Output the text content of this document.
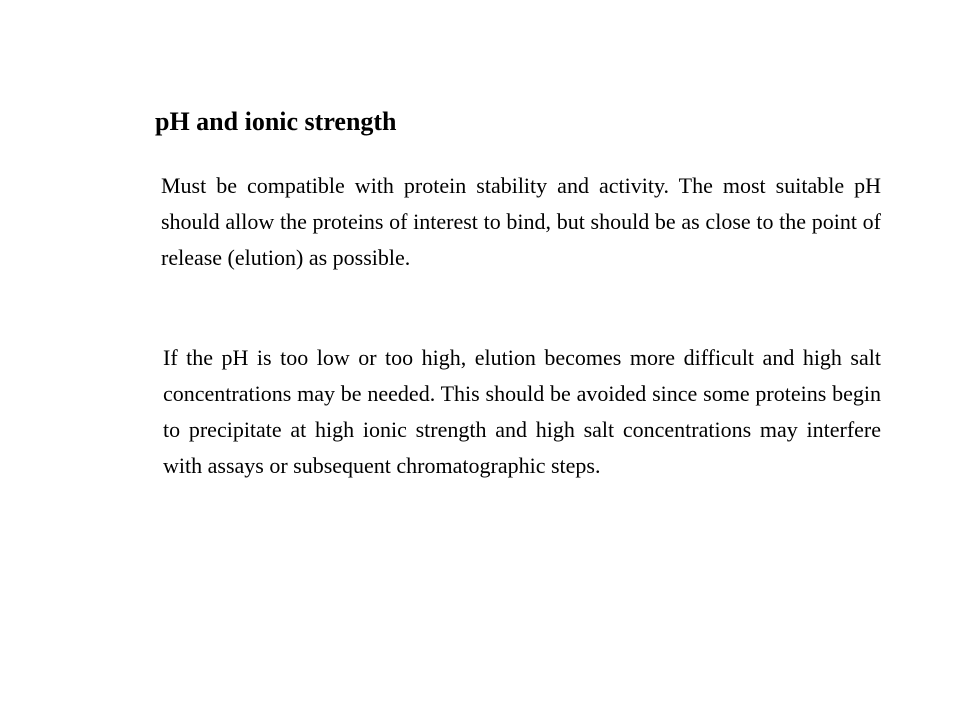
pH and ionic strength

Must be compatible with protein stability and activity. The most suitable pH should allow the proteins of interest to bind, but should be as close to the point of release (elution) as possible.

If the pH is too low or too high, elution becomes more difficult and high salt concentrations may be needed. This should be avoided since some proteins begin to precipitate at high ionic strength and high salt concentrations may interfere with assays or subsequent chromatographic steps.
